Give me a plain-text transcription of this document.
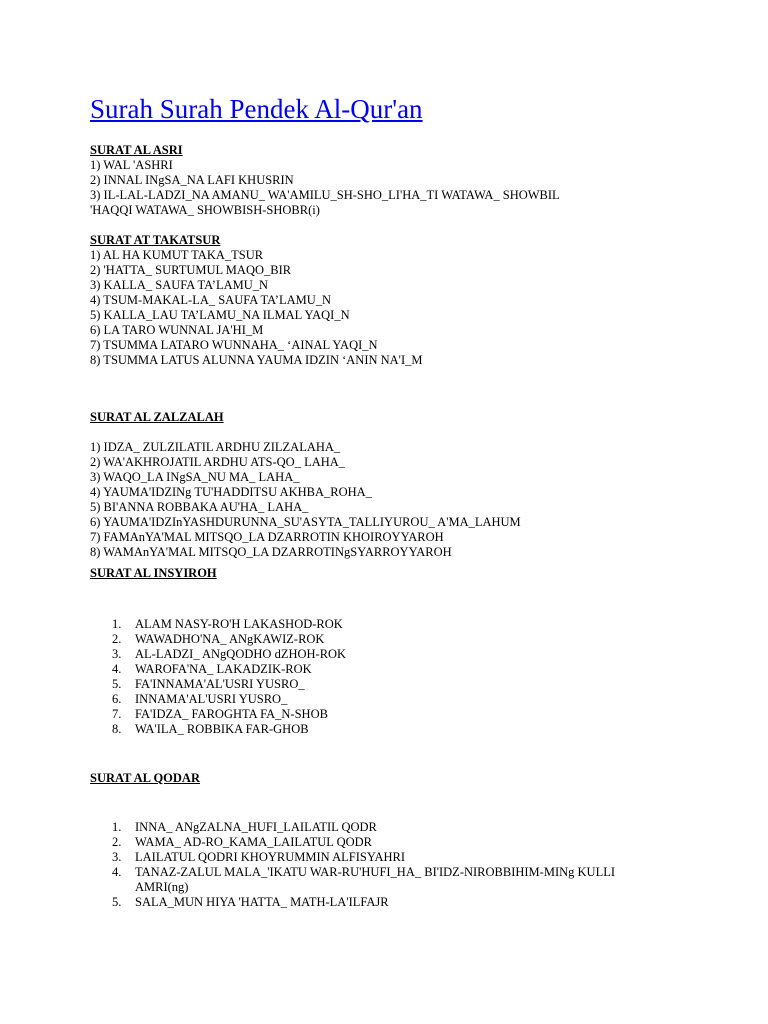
Surah Surah Pendek Al-Qur'an
SURAT AL ASRI
1) WAL 'ASHRI
2) INNAL INgSA_NA LAFI KHUSRIN
3) IL-LAL-LADZI_NA AMANU_ WA'AMILU_SH-SHO_LI'HA_TI WATAWA_ SHOWBIL
'HAQQI WATAWA_ SHOWBISH-SHOBR(i)
SURAT AT TAKATSUR
1) AL HA KUMUT TAKA_TSUR
2) 'HATTA_ SURTUMUL MAQO_BIR
3) KALLA_ SAUFA TA’LAMU_N
4) TSUM-MAKAL-LA_ SAUFA TA’LAMU_N
5) KALLA_LAU TA’LAMU_NA ILMAL YAQI_N
6) LA TARO WUNNAL JA'HI_M
7) TSUMMA LATARO WUNNAHA_ ‘AINAL YAQI_N
8) TSUMMA LATUS ALUNNA YAUMA IDZIN ‘ANIN NA'I_M
SURAT AL ZALZALAH
1) IDZA_ ZULZILATIL ARDHU ZILZALAHA_
2) WA'AKHROJATIL ARDHU ATS-QO_ LAHA_
3) WAQO_LA INgSA_NU MA_ LAHA_
4) YAUMA'IDZINg TU'HADDITSU AKHBA_ROHA_
5) BI'ANNA ROBBAKA AU'HA_ LAHA_
6) YAUMA'IDZInYASHDURUNNA_SU'ASYTA_TALLIYUROU_ A'MA_LAHUM
7) FAMAnYA'MAL MITSQO_LA DZARROTIN KHOIROYYAROH
8) WAMAnYA'MAL MITSQO_LA DZARROTINgSYARROYYAROH
SURAT AL INSYIROH
1. ALAM NASY-RO'H LAKASHOD-ROK
2. WAWADHO'NA_ ANgKAWIZ-ROK
3. AL-LADZI_ ANgQODHO dZHOH-ROK
4. WAROFA'NA_ LAKADZIK-ROK
5. FA'INNAMA'AL'USRI YUSRO_
6. INNAMA'AL'USRI YUSRO_
7. FA'IDZA_ FAROGHTA FA_N-SHOB
8. WA'ILA_ ROBBIKA FAR-GHOB
SURAT AL QODAR
1. INNA_ ANgZALNA_HUFI_LAILATIL QODR
2. WAMA_ AD-RO_KAMA_LAILATUL QODR
3. LAILATUL QODRI KHOYRUMMIN ALFISYAHRI
4. TANAZ-ZALUL MALA_'IKATU WAR-RU'HUFI_HA_ BI'IDZ-NIROBBIHIM-MINg KULLI AMRI(ng)
5. SALA_MUN HIYA 'HATTA_ MATH-LA'ILFAJR
